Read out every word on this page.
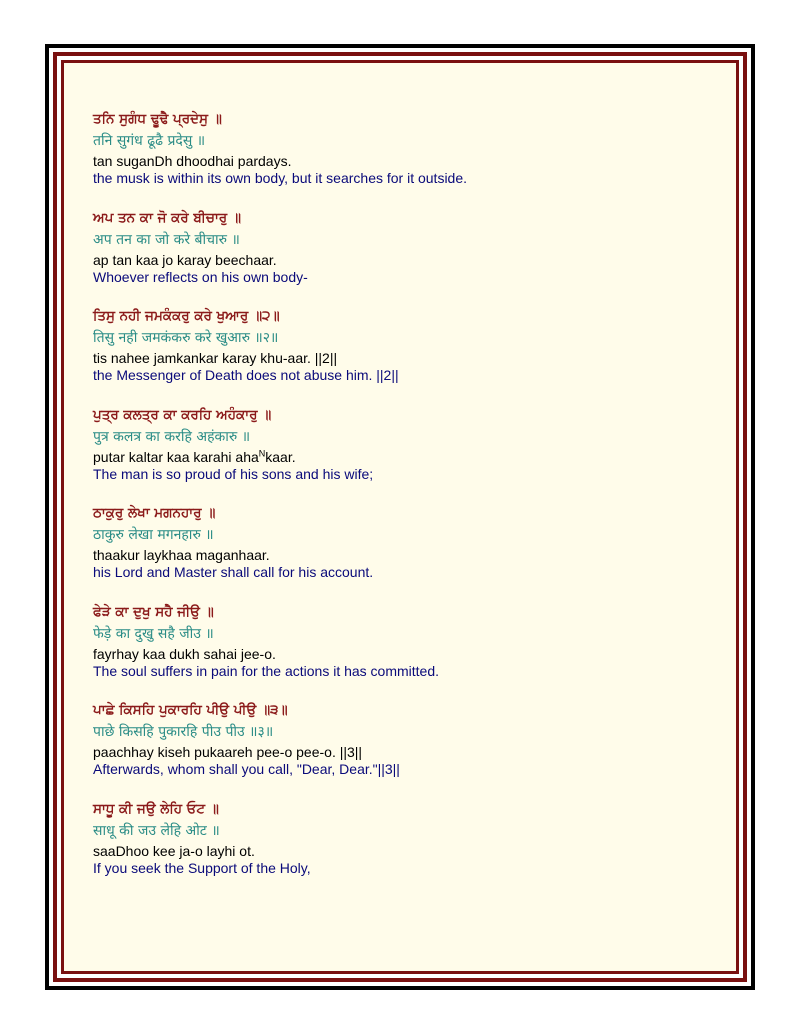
ਤਨਿ ਸੁਗੰਧ ਢੂਢੈ ਪ੍ਰਦੇਸੁ ॥
तनि सुगंध ढूढै प्रदेसु ॥
tan suganDh dhoodhai pardays.
the musk is within its own body, but it searches for it outside.
ਅਪ ਤਨ ਕਾ ਜੋ ਕਰੇ ਬੀਚਾਰੁ ॥
अप तन का जो करे बीचारु ॥
ap tan kaa jo karay beechaar.
Whoever reflects on his own body-
ਤਿਸੁ ਨਹੀ ਜਮਕੰਕਰੁ ਕਰੇ ਖੁਆਰੁ ॥੨॥
तिसु नही जमकंकरु करे खुआरु ॥२॥
tis nahee jamkankar karay khu-aar. ||2||
the Messenger of Death does not abuse him. ||2||
ਪੁਤ੍ਰ ਕਲਤ੍ਰ ਕਾ ਕਰਹਿ ਅਹੰਕਾਰੁ ॥
पुत्र कलत्र का करहि अहंकारु ॥
putar kaltar kaa karahi aha$^N$kaar.
The man is so proud of his sons and his wife;
ਠਾਕੁਰੁ ਲੇਖਾ ਮਗਨਹਾਰੁ ॥
ठाकुरु लेखा मगनहारु ॥
thaakur laykhaa maganhaar.
his Lord and Master shall call for his account.
ਫੇੜੇ ਕਾ ਦੁਖੁ ਸਹੈ ਜੀਉ ॥
फेड़े का दुखु सहै जीउ ॥
fayrhay kaa dukh sahai jee-o.
The soul suffers in pain for the actions it has committed.
ਪਾਛੇ ਕਿਸਹਿ ਪੁਕਾਰਹਿ ਪੀਉ ਪੀਉ ॥੩॥
पाछे किसहि पुकारहि पीउ पीउ ॥३॥
paachhay kiseh pukaareh pee-o pee-o. ||3||
Afterwards, whom shall you call, "Dear, Dear."||3||
ਸਾਧੂ ਕੀ ਜਉ ਲੇਹਿ ਓਟ ॥
साधू की जउ लेहि ओट ॥
saaDhoo kee ja-o layhi ot.
If you seek the Support of the Holy,
